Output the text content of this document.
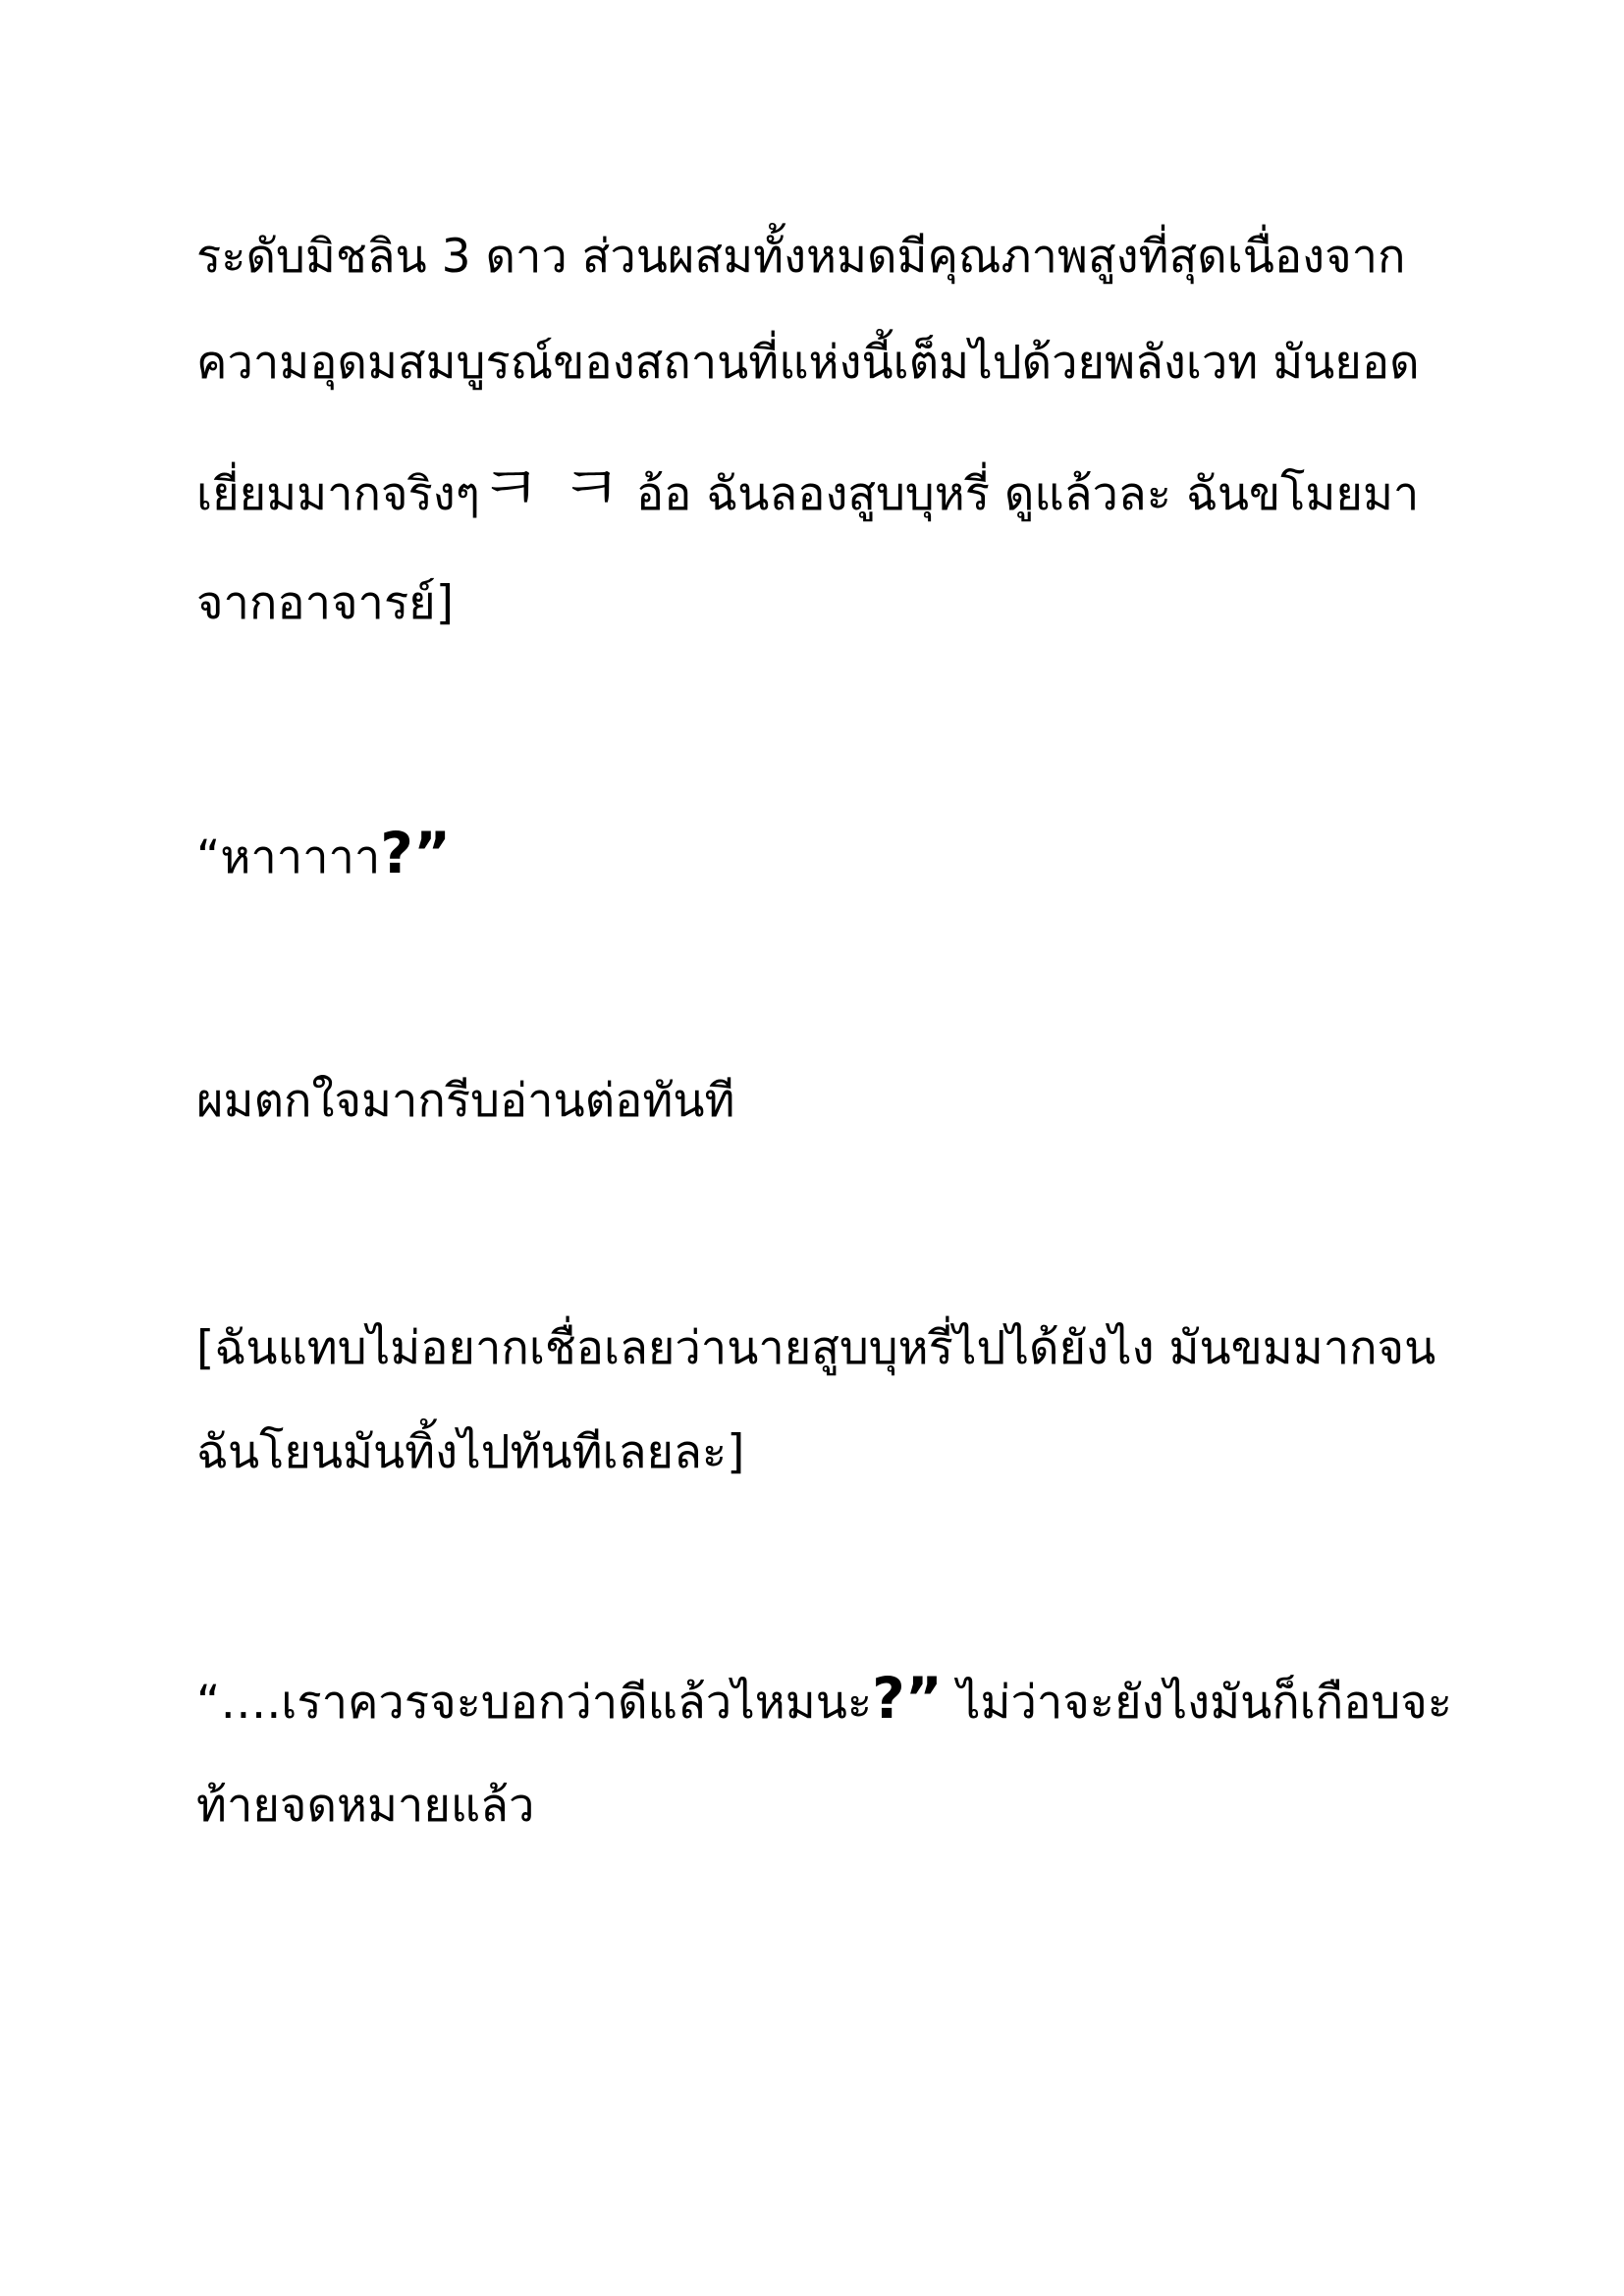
ระดับมิชลิน 3 ดาว ส่วนผสมทั้งหมดมีคุณภาพสูงที่สุดเนื่องจาก
ความอุดมสมบูรณ์ของสถานที่แห่งนี้เต็มไปด้วยพลังเวท มันยอด
เยี่ยมมากจริงๆㅋ ㅋ อ้อ ฉันลองสูบบุหรี่ ดูแล้วละ ฉันขโมยมา
จากอาจารย์]
“หาาาาา?”
ผมตกใจมากรีบอ่านต่อทันที
[ฉันแทบไม่อยากเชื่อเลยว่านายสูบบุหรี่ไปได้ยังไง มันขมมากจน
ฉันโยนมันทิ้งไปทันทีเลยละ]
“….เราควรจะบอกว่าดีแล้วไหมนะ?” ไม่ว่าจะยังไงมันก็เกือบจะ
ท้ายจดหมายแล้ว
